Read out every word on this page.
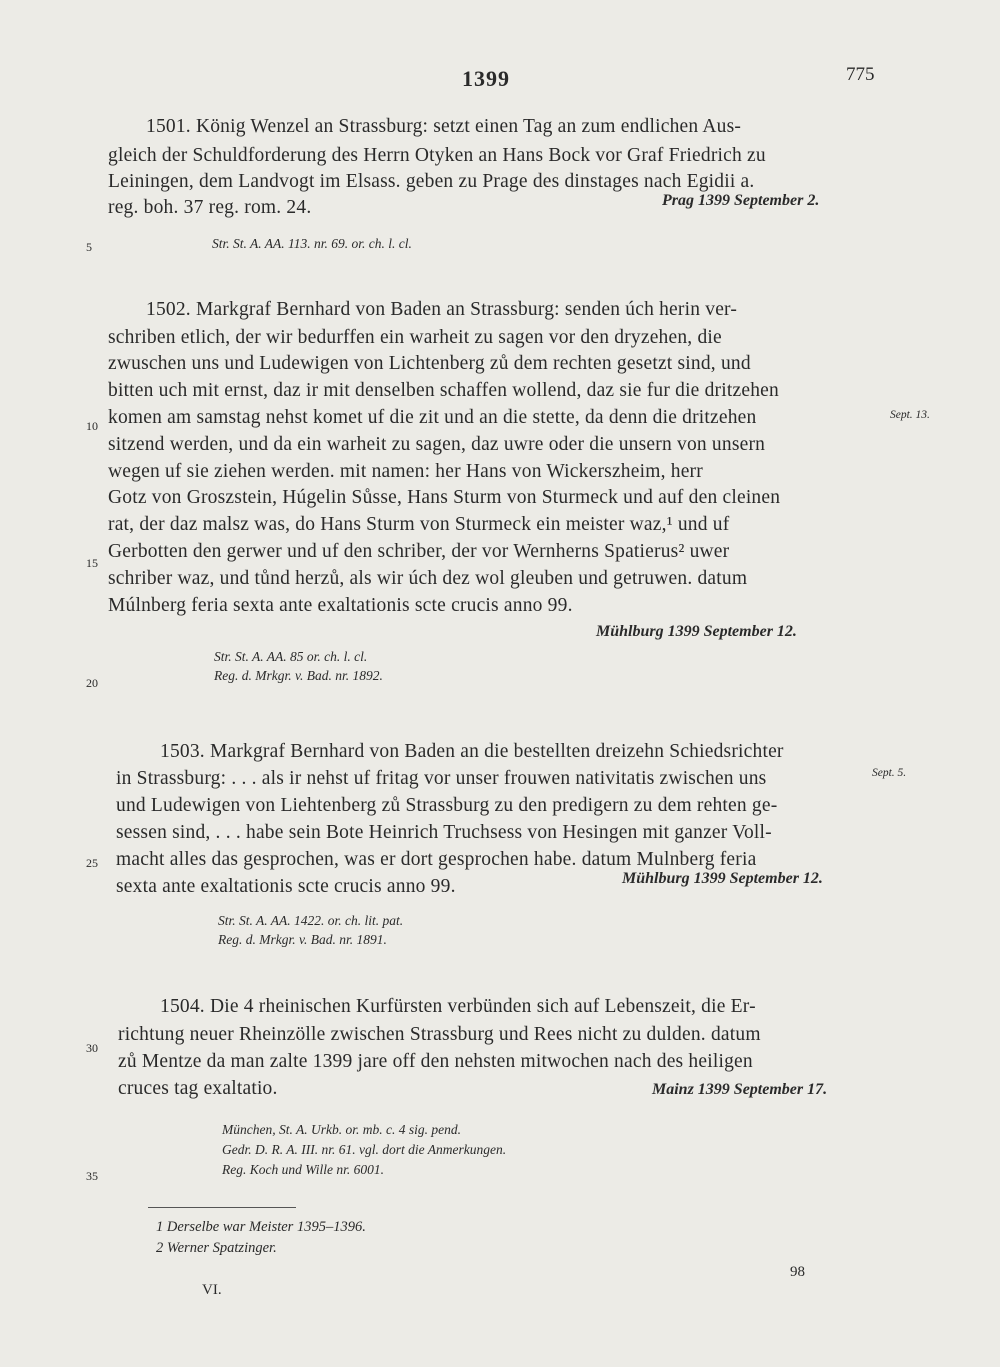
1399	775
1501. König Wenzel an Strassburg: setzt einen Tag an zum endlichen Aus-
gleich der Schuldforderung des Herrn Otyken an Hans Bock vor Graf Friedrich zu
Leiningen, dem Landvogt im Elsass. geben zu Prage des dinstages nach Egidii a.
reg. boh. 37 reg. rom. 24.	Prag 1399 September 2.
Str. St. A. AA. 113. nr. 69. or. ch. l. cl.
5
1502. Markgraf Bernhard von Baden an Strassburg: senden úch herin ver-
schriben etlich, der wir bedurffen ein warheit zu sagen vor den dryzehen, die
zwuschen uns und Ludewigen von Lichtenberg zů dem rechten gesetzt sind, und
bitten uch mit ernst, daz ir mit denselben schaffen wollend, daz sie fur die dritzehen
komen am samstag nehst komet uf die zit und an die stette, da denn die dritzehen
sitzend werden, und da ein warheit zu sagen, daz uwre oder die unsern von unsern
wegen uf sie ziehen werden. mit namen: her Hans von Wickerszheim, herr
Gotz von Groszstein, Húgelin Sůsse, Hans Sturm von Sturmeck und auf den cleinen
rat, der daz malsz was, do Hans Sturm von Sturmeck ein meister waz,¹ und uf
Gerbotten den gerwer und uf den schriber, der vor Wernherns Spatierus² uwer
schriber waz, und tůnd herzů, als wir úch dez wol gleuben und getruwen. datum
Múlnberg feria sexta ante exaltationis scte crucis anno 99.
Mühlburg 1399 September 12.
Str. St. A. AA. 85 or. ch. l. cl.
Reg. d. Mrkgr. v. Bad. nr. 1892.
Sept. 13.
10
15
20
1503. Markgraf Bernhard von Baden an die bestellten dreizehn Schiedsrichter
in Strassburg: . . . als ir nehst uf fritag vor unser frouwen nativitatis zwischen uns
und Ludewigen von Liehtenberg zů Strassburg zu den predigern zu dem rehten ge-
sessen sind, . . . habe sein Bote Heinrich Truchsess von Hesingen mit ganzer Voll-
macht alles das gesprochen, was er dort gesprochen habe. datum Mulnberg feria
sexta ante exaltationis scte crucis anno 99.	Mühlburg 1399 September 12.
Str. St. A. AA. 1422. or. ch. lit. pat.
Reg. d. Mrkgr. v. Bad. nr. 1891.
Sept. 5.
25
1504. Die 4 rheinischen Kurfürsten verbünden sich auf Lebenszeit, die Er-
richtung neuer Rheinzölle zwischen Strassburg und Rees nicht zu dulden. datum
zů Mentze da man zalte 1399 jare off den nehsten mitwochen nach des heiligen
cruces tag exaltatio.	Mainz 1399 September 17.
München, St. A. Urkb. or. mb. c. 4 sig. pend.
Gedr. D. R. A. III. nr. 61. vgl. dort die Anmerkungen.
Reg. Koch und Wille nr. 6001.
30
35
1 Derselbe war Meister 1395–1396.
2 Werner Spatzinger.
98
VI.
